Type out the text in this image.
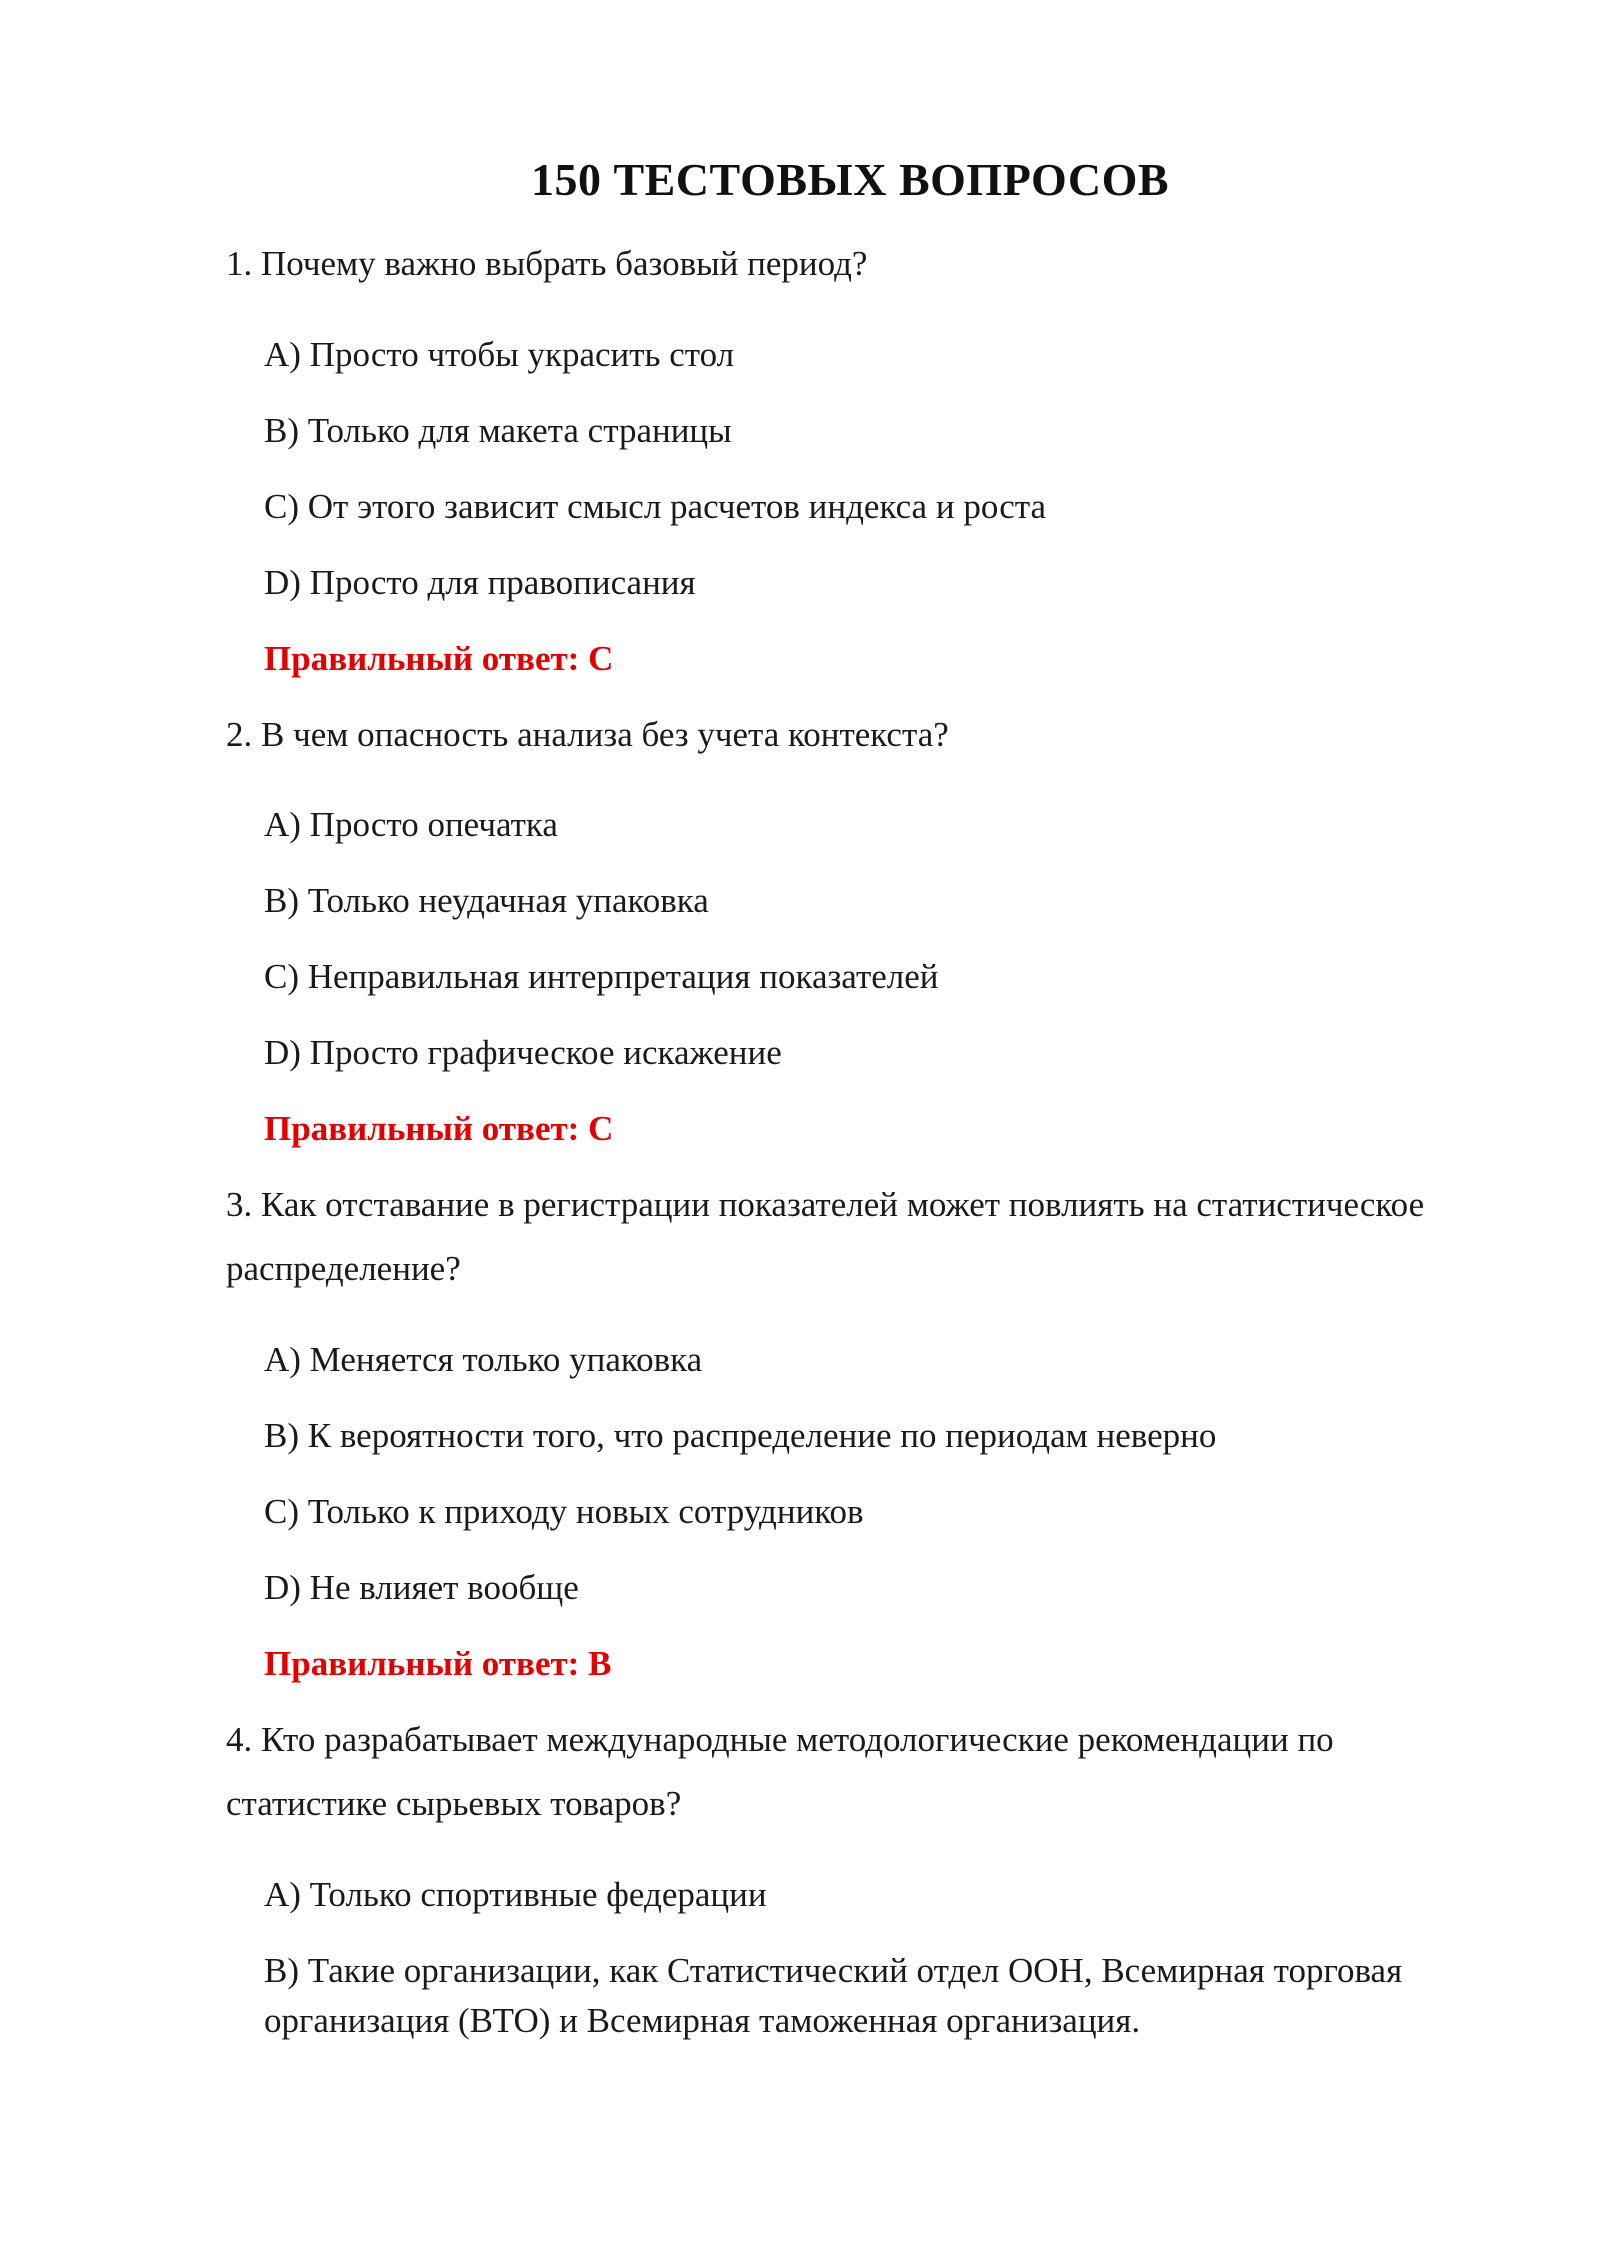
150 ТЕСТОВЫХ ВОПРОСОВ
1. Почему важно выбрать базовый период?
A) Просто чтобы украсить стол
B) Только для макета страницы
C) От этого зависит смысл расчетов индекса и роста
D) Просто для правописания
Правильный ответ: C
2. В чем опасность анализа без учета контекста?
A) Просто опечатка
B) Только неудачная упаковка
C) Неправильная интерпретация показателей
D) Просто графическое искажение
Правильный ответ: C
3. Как отставание в регистрации показателей может повлиять на статистическое распределение?
A) Меняется только упаковка
B) К вероятности того, что распределение по периодам неверно
C) Только к приходу новых сотрудников
D) Не влияет вообще
Правильный ответ: B
4. Кто разрабатывает международные методологические рекомендации по статистике сырьевых товаров?
A) Только спортивные федерации
B) Такие организации, как Статистический отдел ООН, Всемирная торговая организация (ВТО) и Всемирная таможенная организация.
